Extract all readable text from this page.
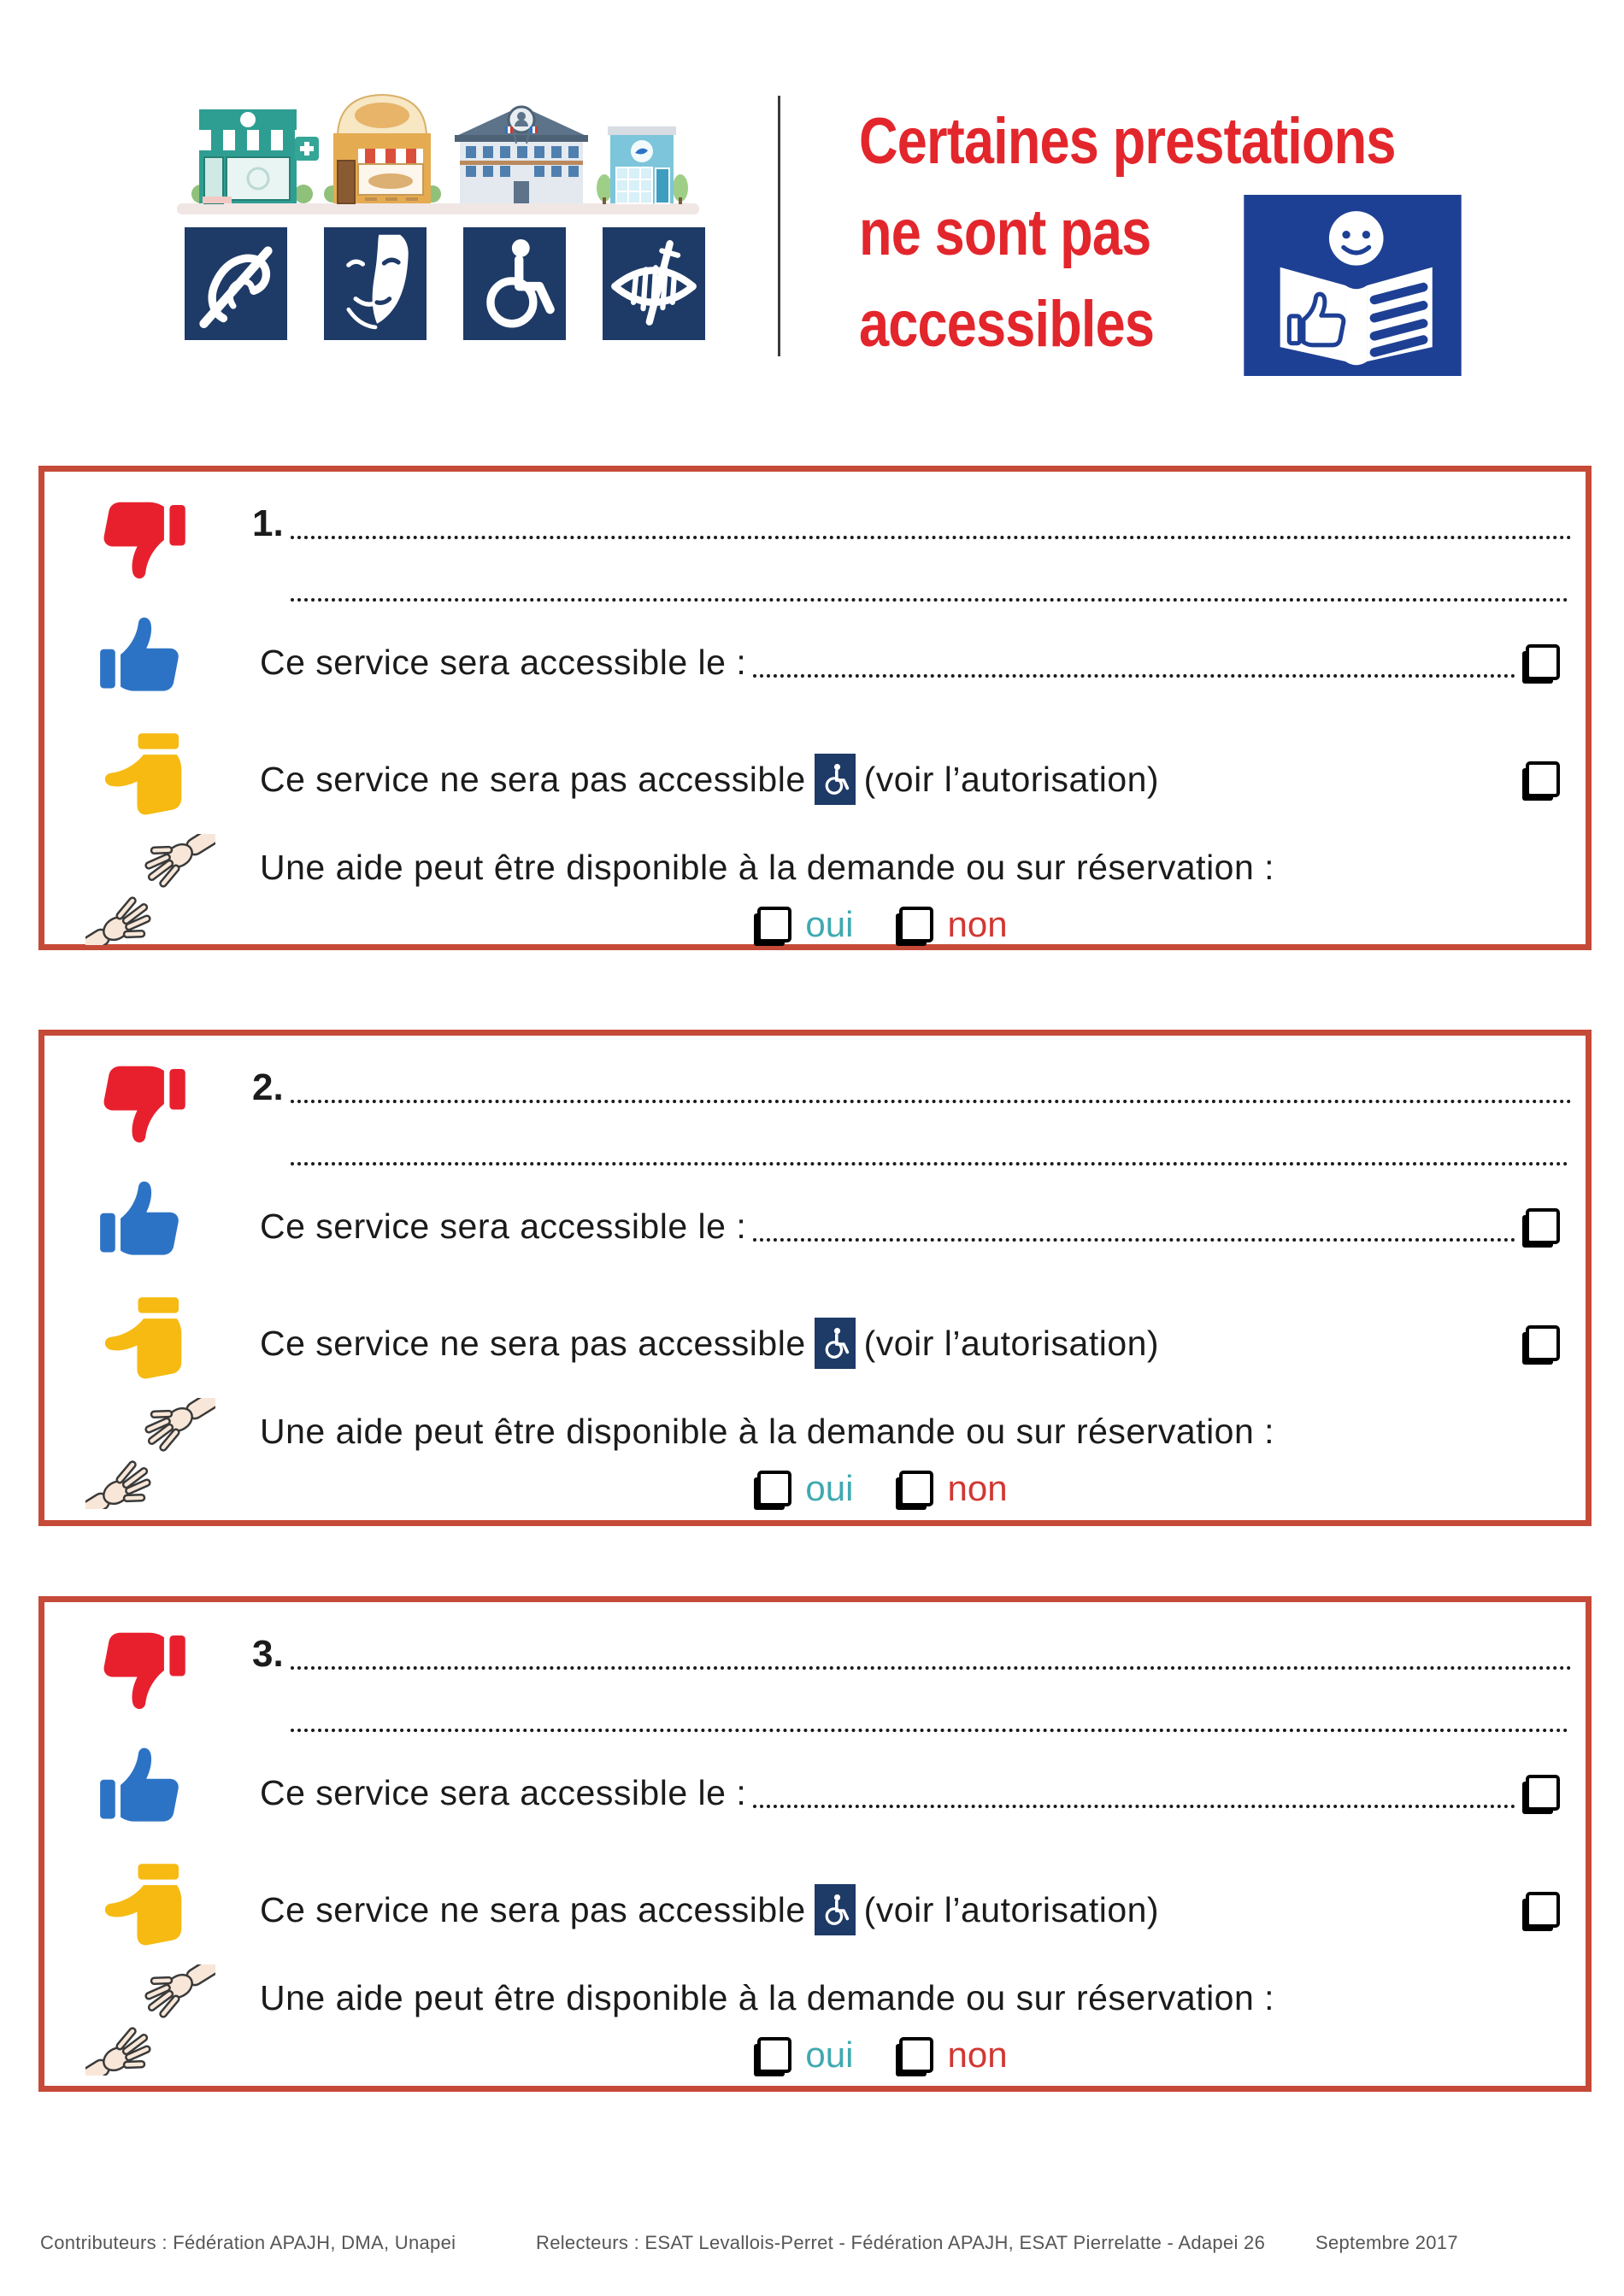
Certaines prestations
ne sont pas
accessibles
1.
Ce service sera accessible le :
Ce service ne sera pas accessible (voir l’autorisation)
Une aide peut être disponible à la demande ou sur réservation :
oui	non
2.
Ce service sera accessible le :
Ce service ne sera pas accessible (voir l’autorisation)
Une aide peut être disponible à la demande ou sur réservation :
oui	non
3.
Ce service sera accessible le :
Ce service ne sera pas accessible (voir l’autorisation)
Une aide peut être disponible à la demande ou sur réservation :
oui	non
Contributeurs : Fédération APAJH, DMA, Unapei	Relecteurs : ESAT Levallois-Perret - Fédération APAJH, ESAT Pierrelatte - Adapei 26	Septembre 2017
